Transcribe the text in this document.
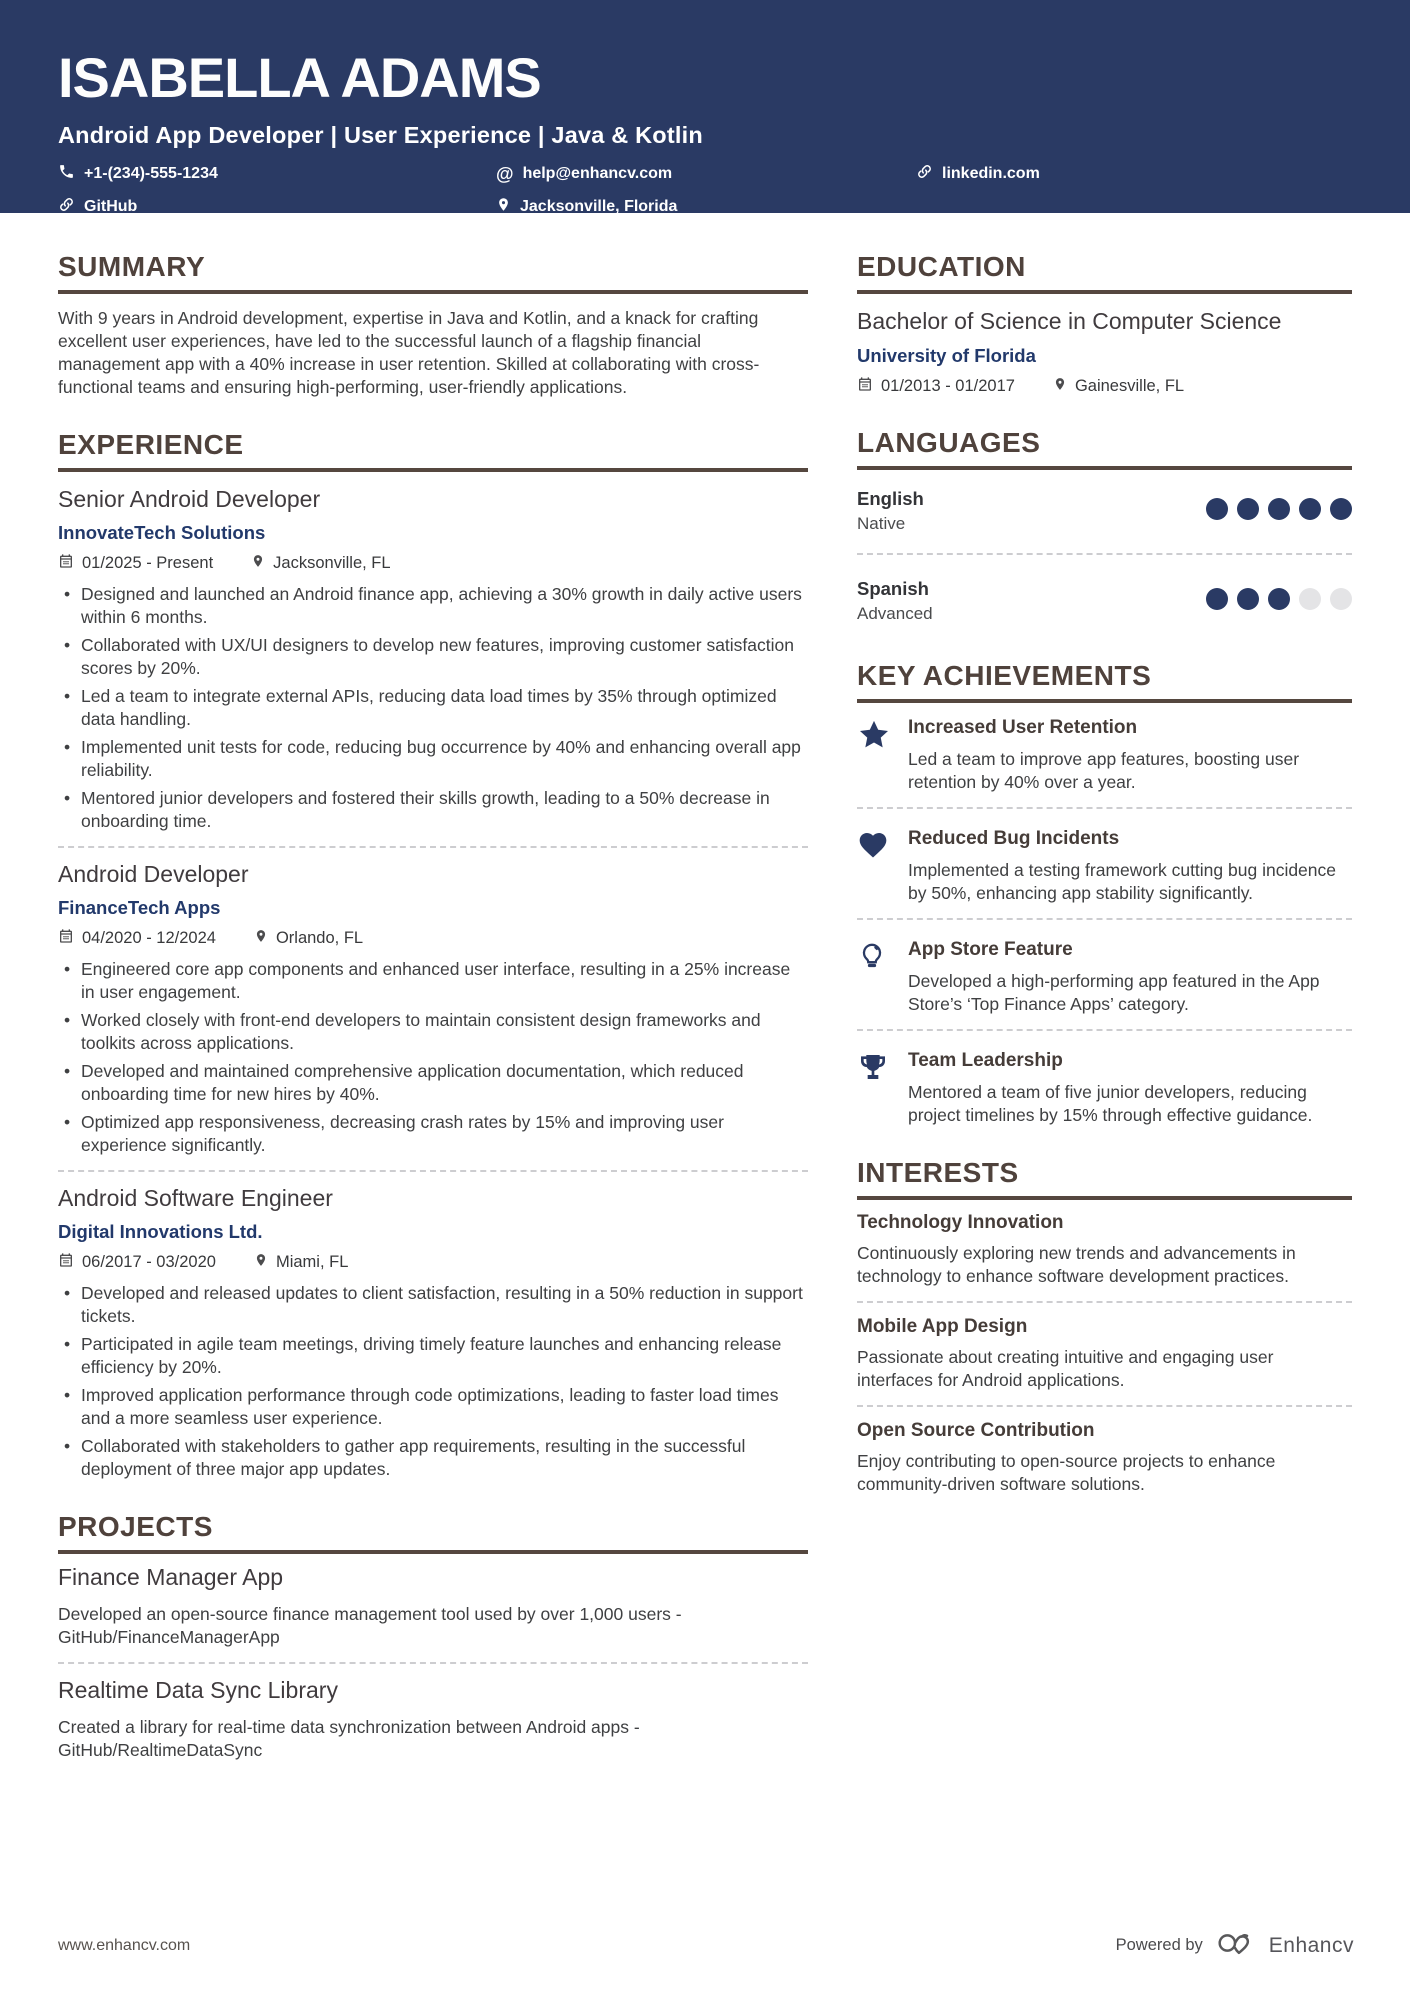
ISABELLA ADAMS
Android App Developer | User Experience | Java & Kotlin
+1-(234)-555-1234	@ help@enhancv.com	linkedin.com
GitHub	Jacksonville, Florida
SUMMARY

With 9 years in Android development, expertise in Java and Kotlin, and a knack for crafting excellent user experiences, have led to the successful launch of a flagship financial management app with a 40% increase in user retention. Skilled at collaborating with cross-functional teams and ensuring high-performing, user-friendly applications.

EXPERIENCE
Senior Android Developer
InnovateTech Solutions
01/2025 - Present	Jacksonville, FL
• Designed and launched an Android finance app, achieving a 30% growth in daily active users within 6 months.
• Collaborated with UX/UI designers to develop new features, improving customer satisfaction scores by 20%.
• Led a team to integrate external APIs, reducing data load times by 35% through optimized data handling.
• Implemented unit tests for code, reducing bug occurrence by 40% and enhancing overall app reliability.
• Mentored junior developers and fostered their skills growth, leading to a 50% decrease in onboarding time.
Android Developer
FinanceTech Apps
04/2020 - 12/2024	Orlando, FL
• Engineered core app components and enhanced user interface, resulting in a 25% increase in user engagement.
• Worked closely with front-end developers to maintain consistent design frameworks and toolkits across applications.
• Developed and maintained comprehensive application documentation, which reduced onboarding time for new hires by 40%.
• Optimized app responsiveness, decreasing crash rates by 15% and improving user experience significantly.
Android Software Engineer
Digital Innovations Ltd.
06/2017 - 03/2020	Miami, FL
• Developed and released updates to client satisfaction, resulting in a 50% reduction in support tickets.
• Participated in agile team meetings, driving timely feature launches and enhancing release efficiency by 20%.
• Improved application performance through code optimizations, leading to faster load times and a more seamless user experience.
• Collaborated with stakeholders to gather app requirements, resulting in the successful deployment of three major app updates.
PROJECTS
Finance Manager App

Developed an open-source finance management tool used by over 1,000 users - GitHub/FinanceManagerApp

Realtime Data Sync Library

Created a library for real-time data synchronization between Android apps - GitHub/RealtimeDataSync

EDUCATION
Bachelor of Science in Computer Science
University of Florida
01/2013 - 01/2017	Gainesville, FL
LANGUAGES
English
Native
Spanish
Advanced
KEY ACHIEVEMENTS
Increased User Retention

Led a team to improve app features, boosting user retention by 40% over a year.

Reduced Bug Incidents

Implemented a testing framework cutting bug incidence by 50%, enhancing app stability significantly.

App Store Feature

Developed a high-performing app featured in the App Store’s ‘Top Finance Apps’ category.

Team Leadership

Mentored a team of five junior developers, reducing project timelines by 15% through effective guidance.

INTERESTS
Technology Innovation

Continuously exploring new trends and advancements in technology to enhance software development practices.

Mobile App Design

Passionate about creating intuitive and engaging user interfaces for Android applications.

Open Source Contribution

Enjoy contributing to open-source projects to enhance community-driven software solutions.

www.enhancv.com	Powered by	Enhancv
